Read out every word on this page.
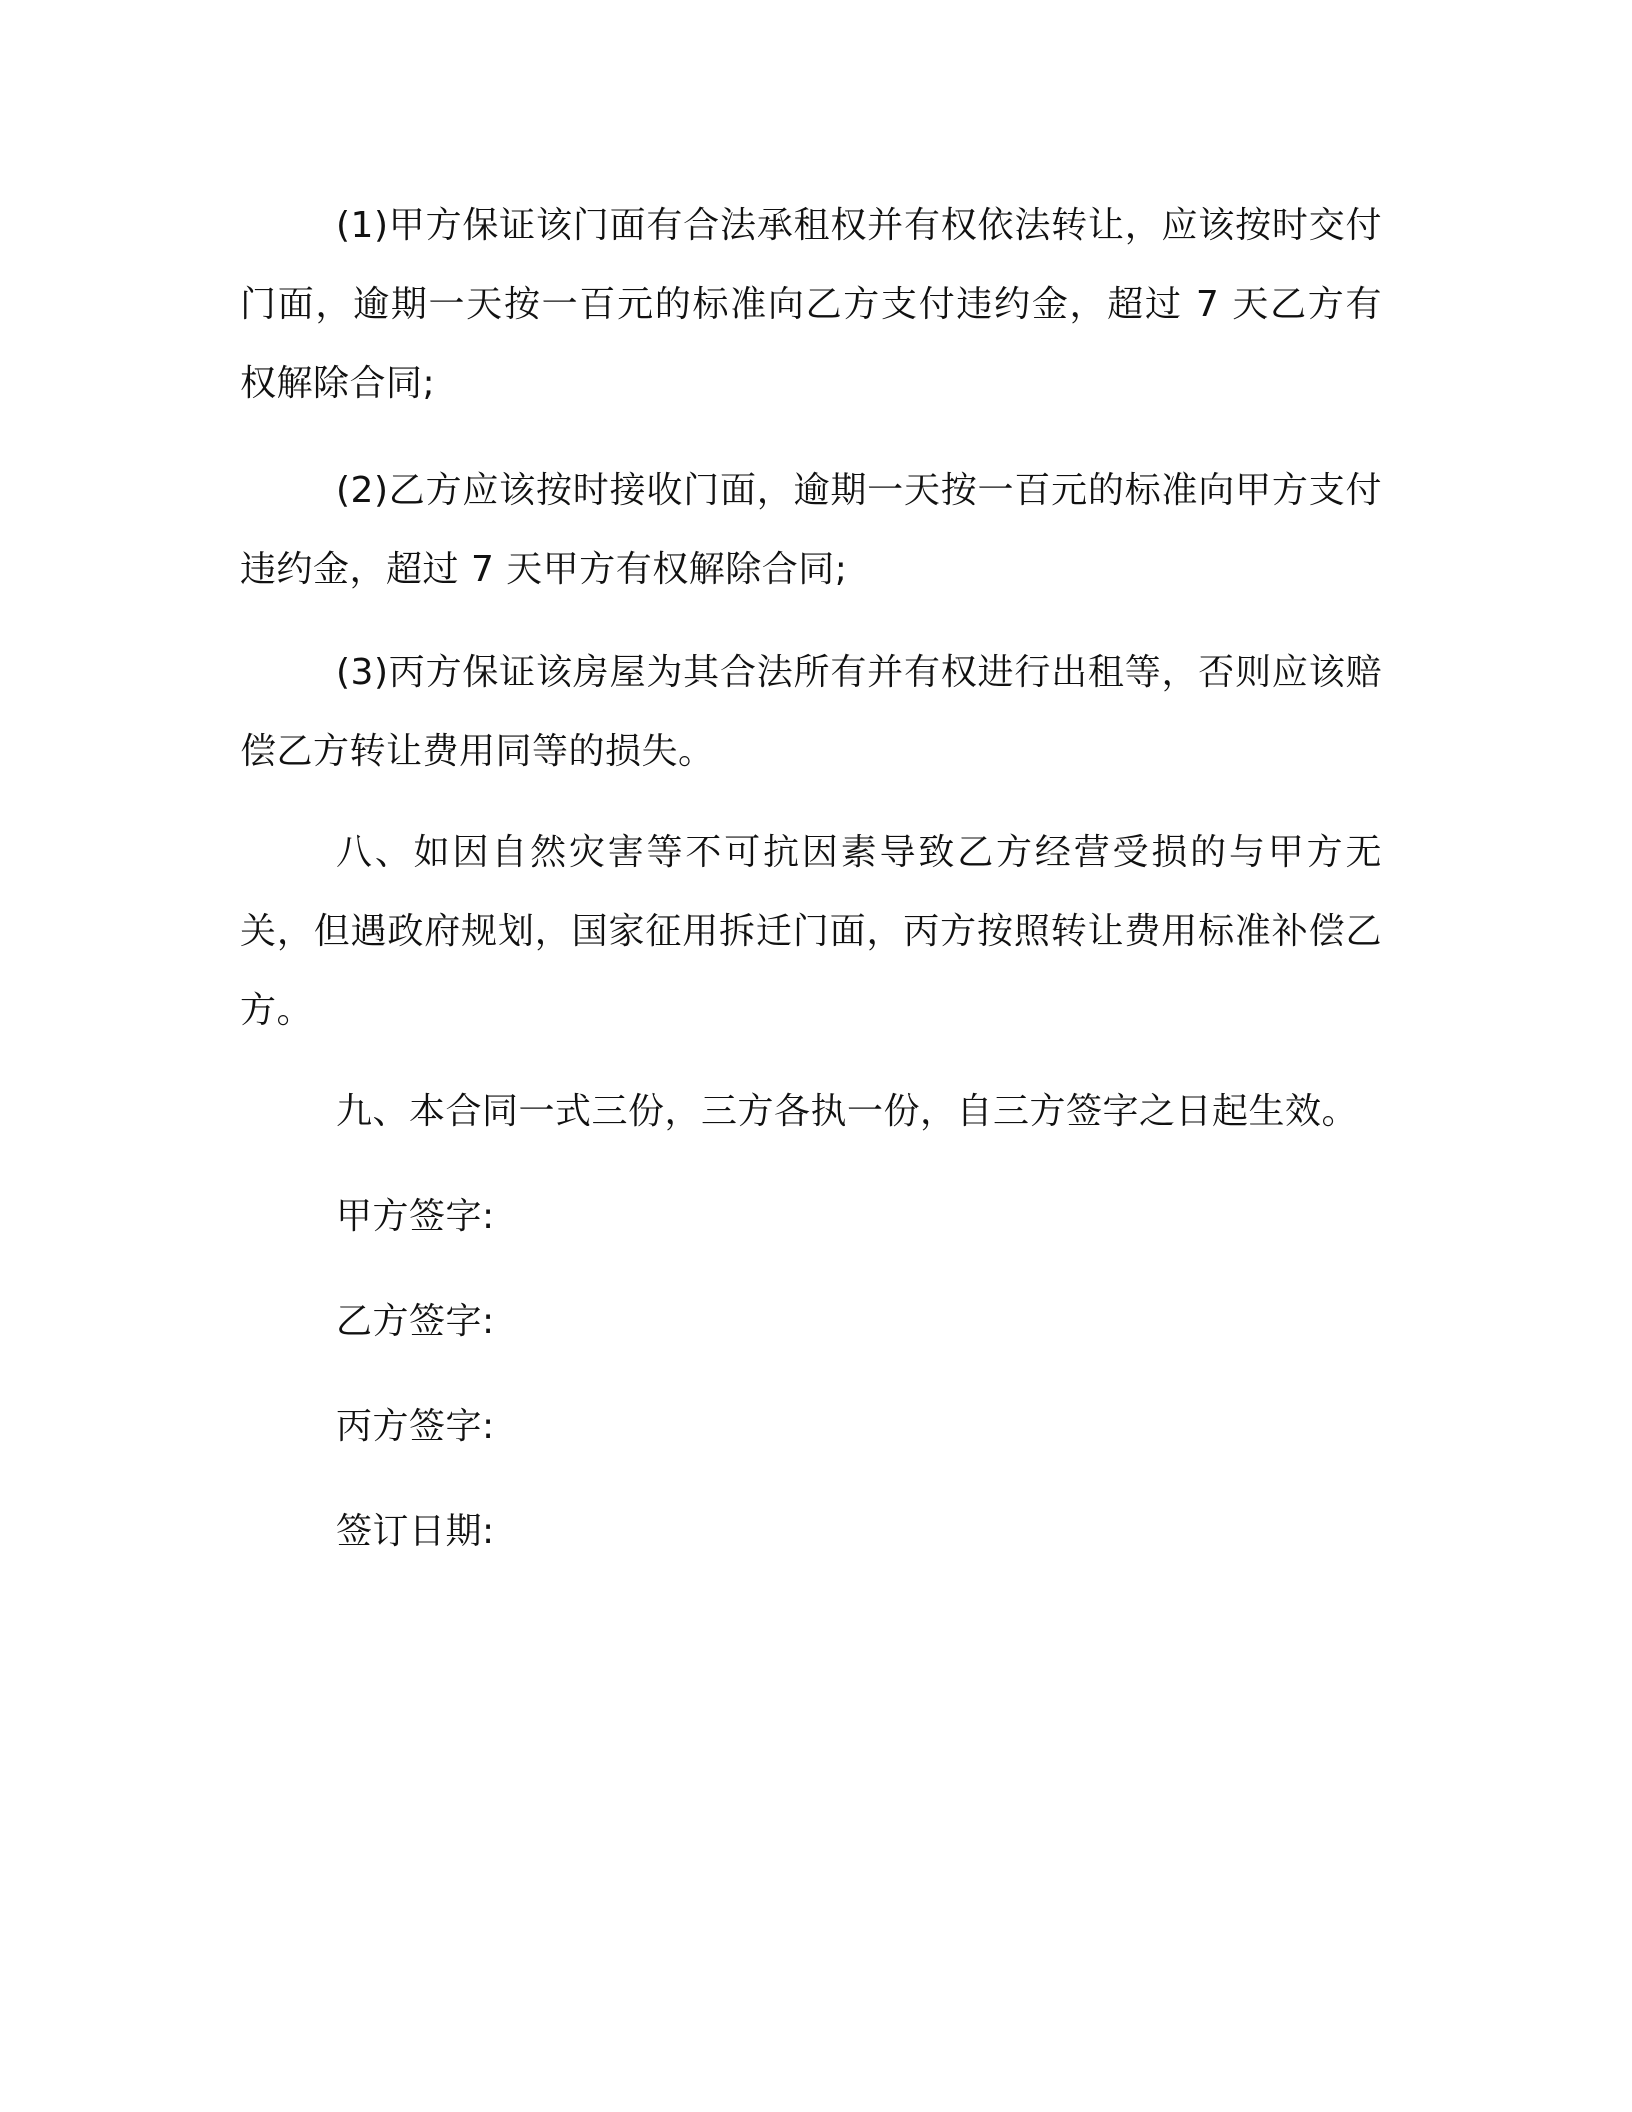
(1)甲方保证该门面有合法承租权并有权依法转让，应该按时交付门面，逾期一天按一百元的标准向乙方支付违约金，超过 7 天乙方有权解除合同;

(2)乙方应该按时接收门面，逾期一天按一百元的标准向甲方支付违约金，超过 7 天甲方有权解除合同;

(3)丙方保证该房屋为其合法所有并有权进行出租等，否则应该赔偿乙方转让费用同等的损失。

八、如因自然灾害等不可抗因素导致乙方经营受损的与甲方无关，但遇政府规划，国家征用拆迁门面，丙方按照转让费用标准补偿乙方。

九、本合同一式三份，三方各执一份，自三方签字之日起生效。

甲方签字:

乙方签字:

丙方签字:

签订日期:
